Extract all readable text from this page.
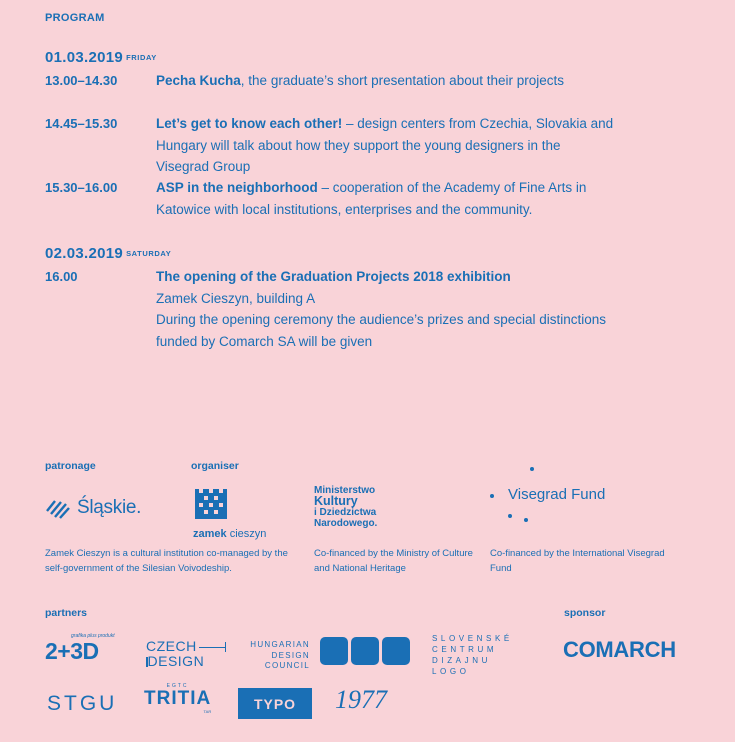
PROGRAM
01.03.2019 FRIDAY
13.00–14.30	Pecha Kucha, the graduate’s short presentation about their projects
14.45–15.30	Let’s get to know each other! – design centers from Czechia, Slovakia and Hungary will talk about how they support the young designers in the Visegrad Group
15.30–16.00	ASP in the neighborhood – cooperation of the Academy of Fine Arts in Katowice with local institutions, enterprises and the community.
02.03.2019 SATURDAY
16.00	The opening of the Graduation Projects 2018 exhibition
Zamek Cieszyn, building A
During the opening ceremony the audience’s prizes and special distinctions funded by Comarch SA will be given
patronage	organiser
Śląskie.
zamek cieszyn
Ministerstwo
Kultury
i Dziedzictwa
Narodowego.
Visegrad Fund
Zamek Cieszyn is a cultural institution co-managed by the self-government of the Silesian Voivodeship.
Co-financed by the Ministry of Culture and National Heritage
Co-financed by the International Visegrad Fund
partners	sponsor
grafika plus produkt
2+3D	CZECH
DESIGN
HUNGARIAN
DESIGN
COUNCIL
SLOVENSKÉ
CENTRUM
DIZAJNU
LOGO
COMARCH
STGU
EGTC
TRITIA
TAR	TYPO	1977
